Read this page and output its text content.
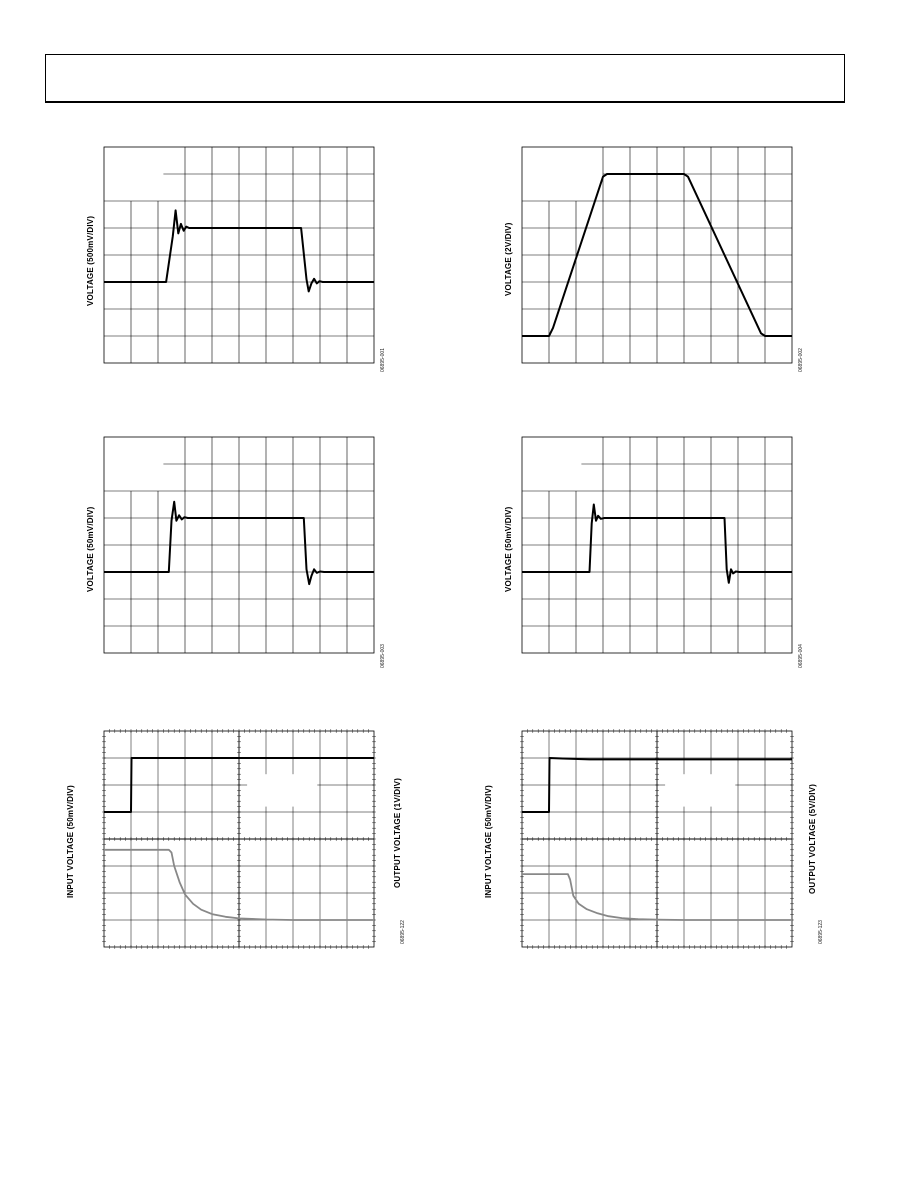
VOLTAGE (500mV/DIV)
06895-001
VOLTAGE (2V/DIV)
06895-002
VOLTAGE (50mV/DIV)
06895-003
VOLTAGE (50mV/DIV)
06895-004
INPUT VOLTAGE (50mV/DIV)	OUTPUT VOLTAGE (1V/DIV)
06895-122
INPUT VOLTAGE (50mV/DIV)	OUTPUT VOLTAGE (5V/DIV)
06895-123
